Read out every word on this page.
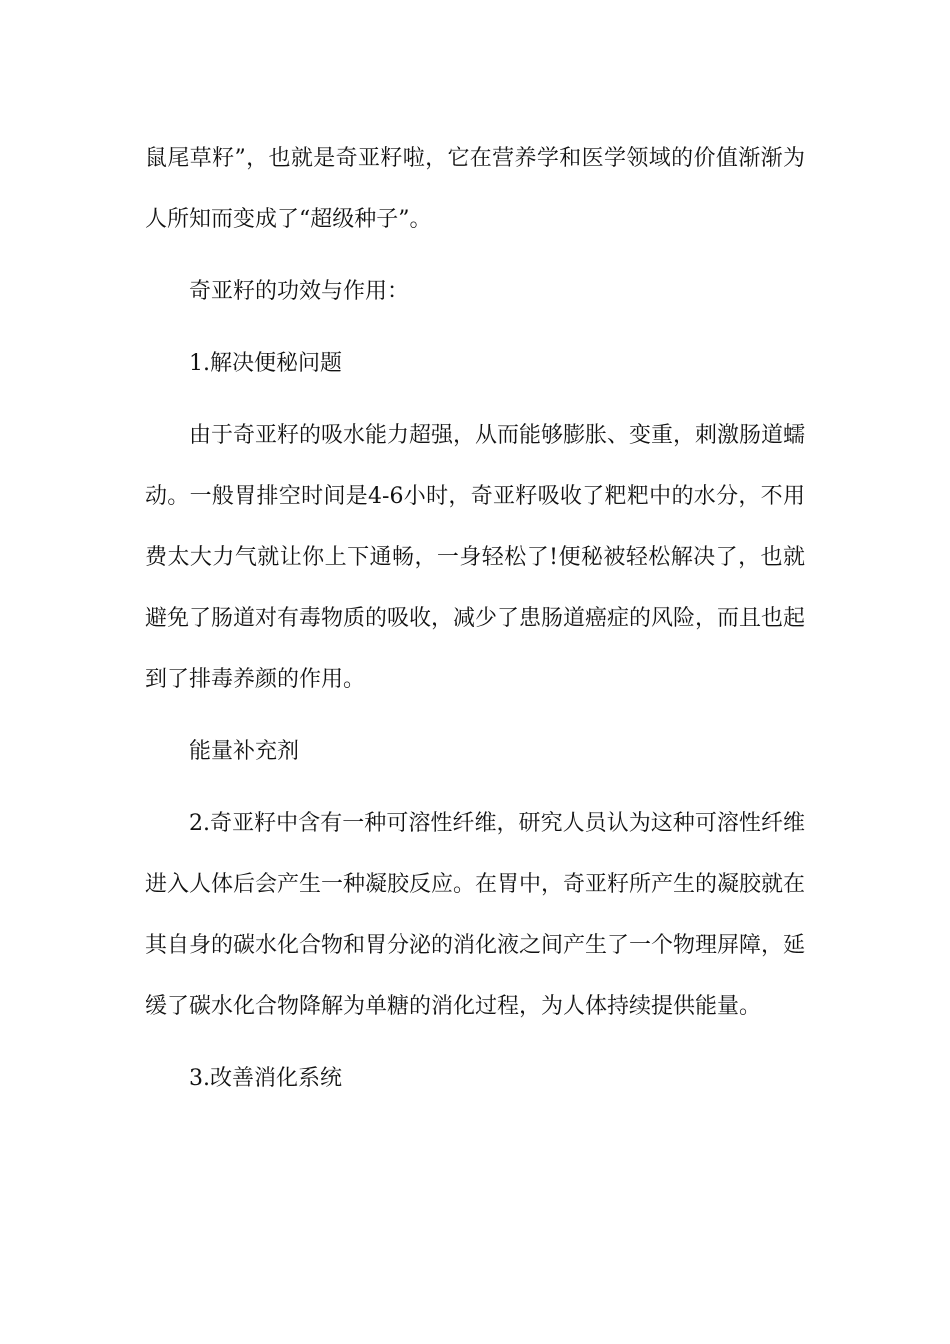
鼠尾草籽”，也就是奇亚籽啦，它在营养学和医学领域的价值渐渐为人所知而变成了“超级种子”。

奇亚籽的功效与作用：

1.解决便秘问题

由于奇亚籽的吸水能力超强，从而能够膨胀、变重，刺激肠道蠕动。一般胃排空时间是4-6小时，奇亚籽吸收了粑粑中的水分，不用费太大力气就让你上下通畅，一身轻松了!便秘被轻松解决了，也就避免了肠道对有毒物质的吸收，减少了患肠道癌症的风险，而且也起到了排毒养颜的作用。

能量补充剂

2.奇亚籽中含有一种可溶性纤维，研究人员认为这种可溶性纤维进入人体后会产生一种凝胶反应。在胃中，奇亚籽所产生的凝胶就在其自身的碳水化合物和胃分泌的消化液之间产生了一个物理屏障，延缓了碳水化合物降解为单糖的消化过程，为人体持续提供能量。

3.改善消化系统
